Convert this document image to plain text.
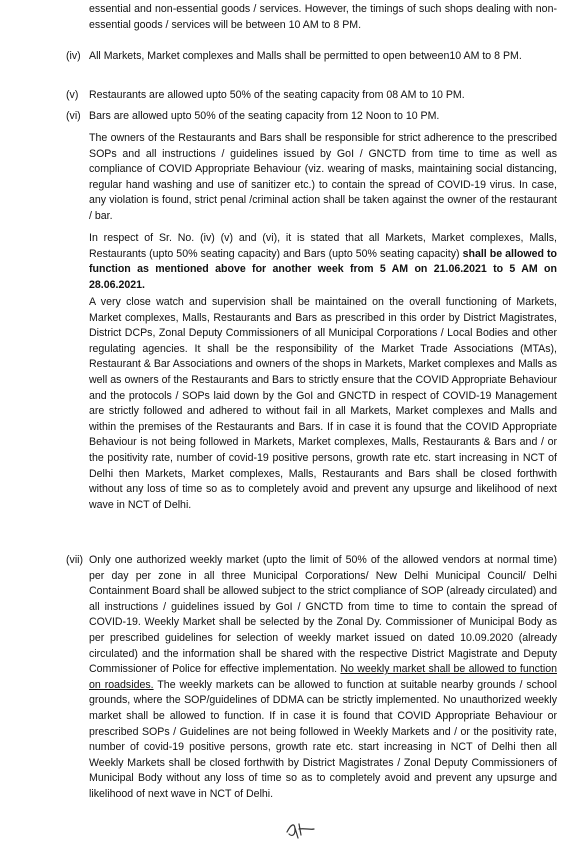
essential and non-essential goods / services. However, the timings of such shops dealing with non-essential goods / services will be between 10 AM to 8 PM.

(iv) All Markets, Market complexes and Malls shall be permitted to open between10 AM to 8 PM.
(v)	Restaurants are allowed upto 50% of the seating capacity from 08 AM to 10 PM.
(vi) Bars are allowed upto 50% of the seating capacity from 12 Noon to 10 PM.

The owners of the Restaurants and Bars shall be responsible for strict adherence to the prescribed SOPs and all instructions / guidelines issued by GoI / GNCTD from time to time as well as compliance of COVID Appropriate Behaviour (viz. wearing of masks, maintaining social distancing, regular hand washing and use of sanitizer etc.) to contain the spread of COVID-19 virus. In case, any violation is found, strict penal /criminal action shall be taken against the owner of the restaurant / bar.

In respect of Sr. No. (iv) (v) and (vi), it is stated that all Markets, Market complexes, Malls, Restaurants (upto 50% seating capacity) and Bars (upto 50% seating capacity) shall be allowed to function as mentioned above for another week from 5 AM on 21.06.2021 to 5 AM on 28.06.2021.

A very close watch and supervision shall be maintained on the overall functioning of Markets, Market complexes, Malls, Restaurants and Bars as prescribed in this order by District Magistrates, District DCPs, Zonal Deputy Commissioners of all Municipal Corporations / Local Bodies and other regulating agencies. It shall be the responsibility of the Market Trade Associations (MTAs), Restaurant & Bar Associations and owners of the shops in Markets, Market complexes and Malls as well as owners of the Restaurants and Bars to strictly ensure that the COVID Appropriate Behaviour and the protocols / SOPs laid down by the GoI and GNCTD in respect of COVID-19 Management are strictly followed and adhered to without fail in all Markets, Market complexes and Malls and within the premises of the Restaurants and Bars. If in case it is found that the COVID Appropriate Behaviour is not being followed in Markets, Market complexes, Malls, Restaurants & Bars and / or the positivity rate, number of covid-19 positive persons, growth rate etc. start increasing in NCT of Delhi then Markets, Market complexes, Malls, Restaurants and Bars shall be closed forthwith without any loss of time so as to completely avoid and prevent any upsurge and likelihood of next wave in NCT of Delhi.

(vii) Only one authorized weekly market (upto the limit of 50% of the allowed vendors at normal time) per day per zone in all three Municipal Corporations/ New Delhi Municipal Council/ Delhi Containment Board shall be allowed subject to the strict compliance of SOP (already circulated) and all instructions / guidelines issued by GoI / GNCTD from time to time to contain the spread of COVID-19. Weekly Market shall be selected by the Zonal Dy. Commissioner of Municipal Body as per prescribed guidelines for selection of weekly market issued on dated 10.09.2020 (already circulated) and the information shall be shared with the respective District Magistrate and Deputy Commissioner of Police for effective implementation. No weekly market shall be allowed to function on roadsides. The weekly markets can be allowed to function at suitable nearby grounds / school grounds, where the SOP/guidelines of DDMA can be strictly implemented. No unauthorized weekly market shall be allowed to function. If in case it is found that COVID Appropriate Behaviour or prescribed SOPs / Guidelines are not being followed in Weekly Markets and / or the positivity rate, number of covid-19 positive persons, growth rate etc. start increasing in NCT of Delhi then all Weekly Markets shall be closed forthwith by District Magistrates / Zonal Deputy Commissioners of Municipal Body without any loss of time so as to completely avoid and prevent any upsurge and likelihood of next wave in NCT of Delhi.
